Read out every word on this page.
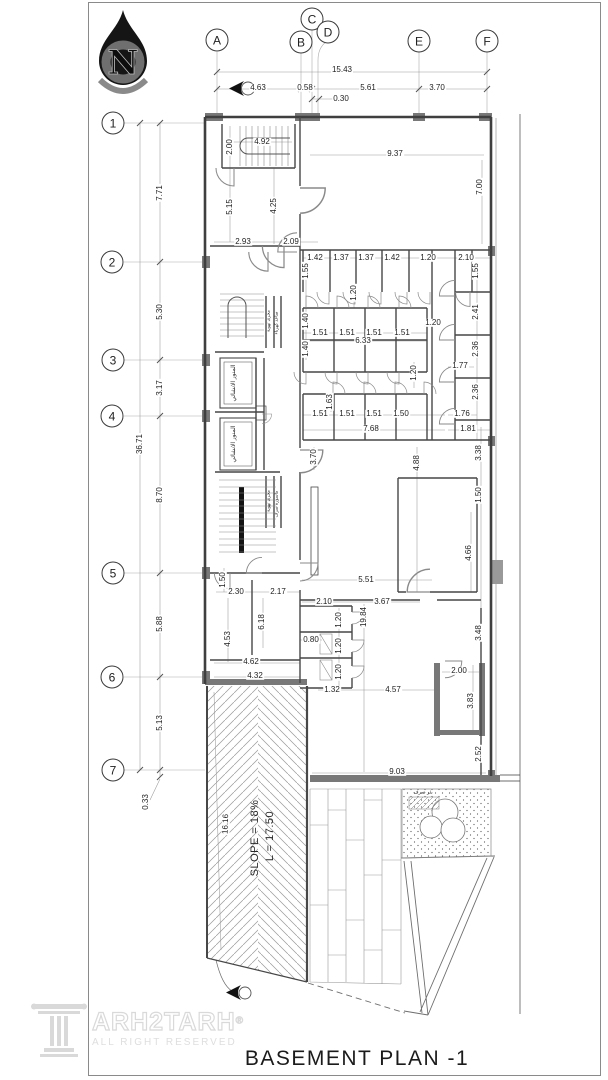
N
ARH2TARH®
ALL RIGHT RESERVED
A	B
C
D
E	F
1
2
3
4
5
6
7
15.43
4.63	0.58	5.61	3.70
0.30
36.71
7.71
5.30
3.17
8.70
5.88
5.13
0.33
2.00	4.92
9.37
7.00
5.15	4.25
2.93	2.09
1.42 1.37 1.37 1.42	1.20	2.10
1.55	1.55
1.20
1.40
1.40
1.51 1.51 1.51 1.51
6.33
1.20
2.41
2.36
1.77
1.20
2.36
1.63
1.51 1.51 1.51 1.50	1.76
7.68	1.81
3.70	4.88
3.38
1.50
4.66
5.51
1.50
2.30	2.17
4.53
6.18
4.62
4.32
2.10	3.67
19.84
1.20
0.80 1.20
1.20
3.48
2.00
1.32	4.57
3.83
2.52
9.03
16.16 SLOPE = 18% L = 17.50
المنور الانشائي
المنور الانشائي
مجرى تهوية صاعد كهرباء
مجرى تهوية ماسورة صرف
بئر صرف
BASEMENT PLAN -1
